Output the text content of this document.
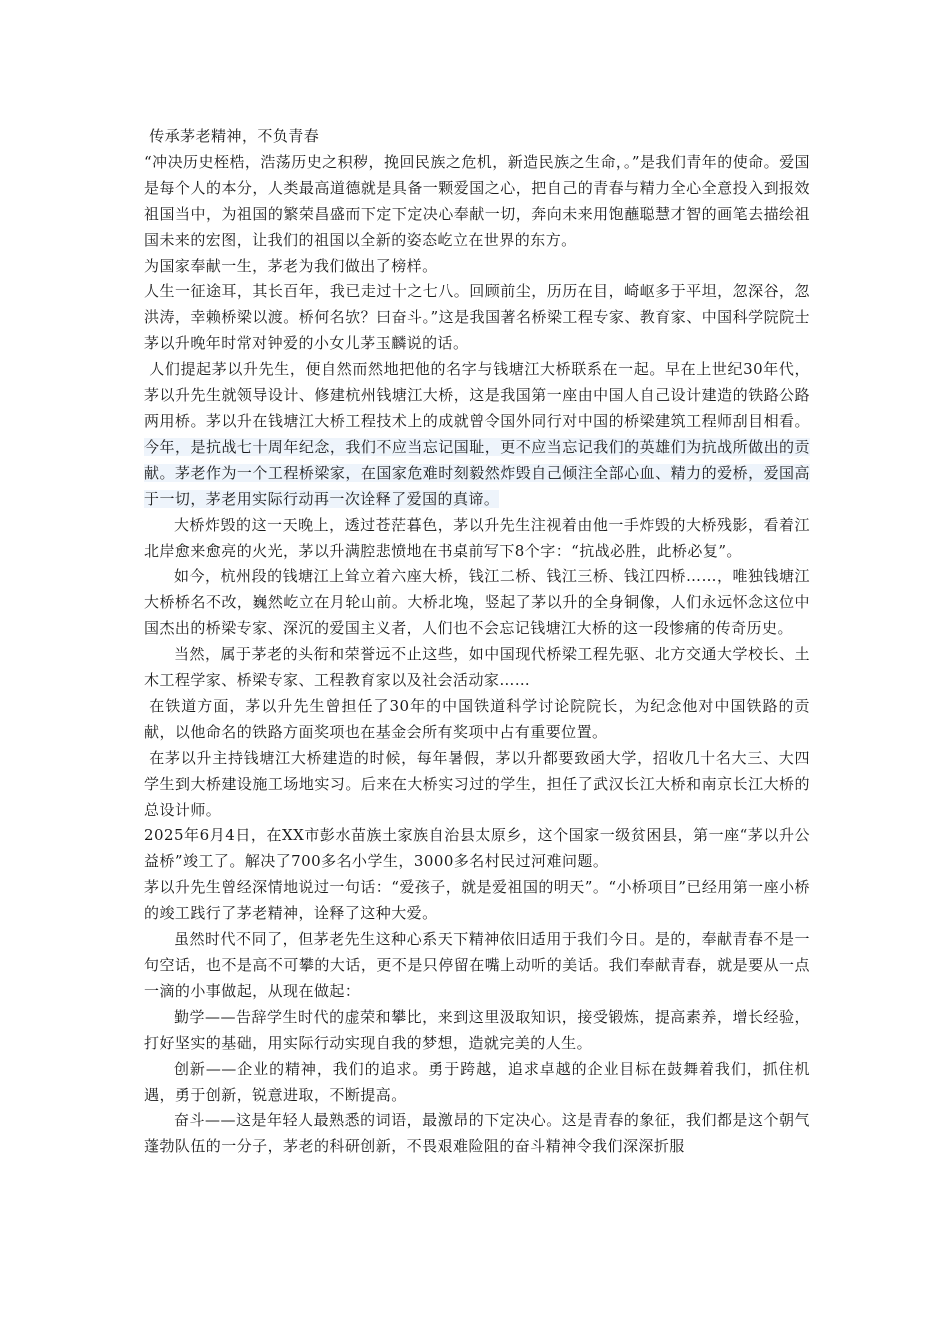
传承茅老精神，不负青春

“冲决历史桎梏，浩荡历史之积秽，挽回民族之危机，新造民族之生命，。”是我们青年的使命。爱国是每个人的本分，人类最高道德就是具备一颗爱国之心，把自己的青春与精力全心全意投入到报效祖国当中，为祖国的繁荣昌盛而下定下定决心奉献一切，奔向未来用饱蘸聪慧才智的画笔去描绘祖国未来的宏图，让我们的祖国以全新的姿态屹立在世界的东方。

为国家奉献一生，茅老为我们做出了榜样。

人生一征途耳，其长百年，我已走过十之七八。回顾前尘，历历在目，崎岖多于平坦，忽深谷，忽洪涛，幸赖桥梁以渡。桥何名欤？曰奋斗。”这是我国著名桥梁工程专家、教育家、中国科学院院士茅以升晚年时常对钟爱的小女儿茅玉麟说的话。

人们提起茅以升先生，便自然而然地把他的名字与钱塘江大桥联系在一起。早在上世纪30年代，茅以升先生就领导设计、修建杭州钱塘江大桥，这是我国第一座由中国人自己设计建造的铁路公路两用桥。茅以升在钱塘江大桥工程技术上的成就曾令国外同行对中国的桥梁建筑工程师刮目相看。今年，是抗战七十周年纪念，我们不应当忘记国耻，更不应当忘记我们的英雄们为抗战所做出的贡献。茅老作为一个工程桥梁家，在国家危难时刻毅然炸毁自己倾注全部心血、精力的爱桥，爱国高于一切，茅老用实际行动再一次诠释了爱国的真谛。

大桥炸毁的这一天晚上，透过苍茫暮色，茅以升先生注视着由他一手炸毁的大桥残影，看着江北岸愈来愈亮的火光，茅以升满腔悲愤地在书桌前写下8个字：“抗战必胜，此桥必复”。

如今，杭州段的钱塘江上耸立着六座大桥，钱江二桥、钱江三桥、钱江四桥……，唯独钱塘江大桥桥名不改，巍然屹立在月轮山前。大桥北堍，竖起了茅以升的全身铜像，人们永远怀念这位中国杰出的桥梁专家、深沉的爱国主义者，人们也不会忘记钱塘江大桥的这一段惨痛的传奇历史。

当然，属于茅老的头衔和荣誉远不止这些，如中国现代桥梁工程先驱、北方交通大学校长、土木工程学家、桥梁专家、工程教育家以及社会活动家……

在铁道方面，茅以升先生曾担任了30年的中国铁道科学讨论院院长，为纪念他对中国铁路的贡献，以他命名的铁路方面奖项也在基金会所有奖项中占有重要位置。

在茅以升主持钱塘江大桥建造的时候，每年暑假，茅以升都要致函大学，招收几十名大三、大四学生到大桥建设施工场地实习。后来在大桥实习过的学生，担任了武汉长江大桥和南京长江大桥的总设计师。

2025年6月4日，在XX市彭水苗族土家族自治县太原乡，这个国家一级贫困县，第一座“茅以升公益桥”竣工了。解决了700多名小学生，3000多名村民过河难问题。

茅以升先生曾经深情地说过一句话：“爱孩子，就是爱祖国的明天”。“小桥项目”已经用第一座小桥的竣工践行了茅老精神，诠释了这种大爱。

虽然时代不同了，但茅老先生这种心系天下精神依旧适用于我们今日。是的，奉献青春不是一句空话，也不是高不可攀的大话，更不是只停留在嘴上动听的美话。我们奉献青春，就是要从一点一滴的小事做起，从现在做起：

勤学——告辞学生时代的虚荣和攀比，来到这里汲取知识，接受锻炼，提高素养，增长经验，打好坚实的基础，用实际行动实现自我的梦想，造就完美的人生。

创新——企业的精神，我们的追求。勇于跨越，追求卓越的企业目标在鼓舞着我们，抓住机遇，勇于创新，锐意进取，不断提高。

奋斗——这是年轻人最熟悉的词语，最激昂的下定决心。这是青春的象征，我们都是这个朝气蓬勃队伍的一分子，茅老的科研创新，不畏艰难险阻的奋斗精神令我们深深折服
